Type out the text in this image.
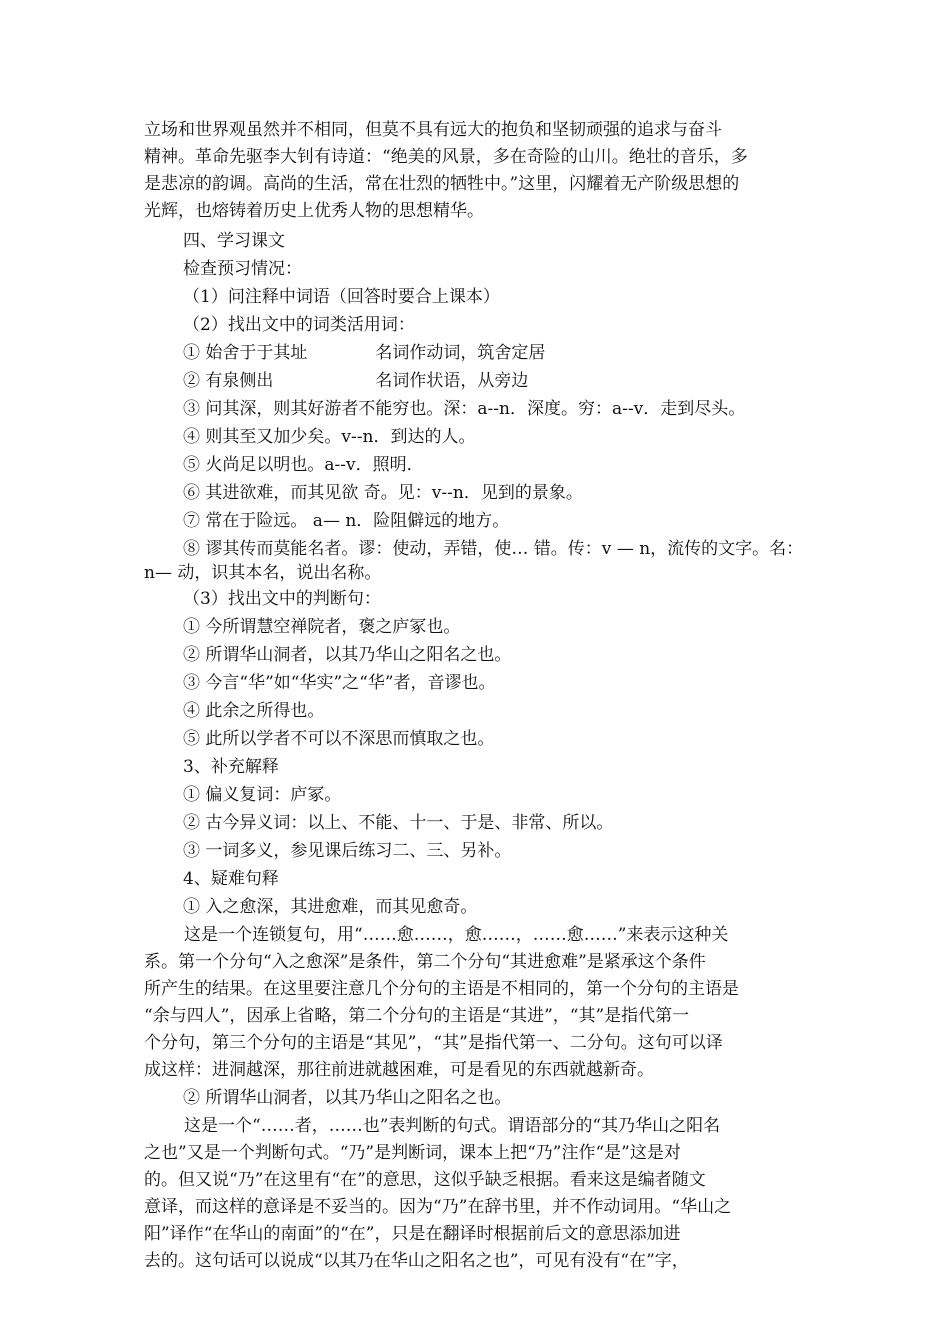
立场和世界观虽然并不相同，但莫不具有远大的抱负和坚韧顽强的追求与奋斗
精神。革命先驱李大钊有诗道：“绝美的风景，多在奇险的山川。绝壮的音乐，多
是悲凉的韵调。高尚的生活，常在壮烈的牺牲中。”这里，闪耀着无产阶级思想的
光辉，也熔铸着历史上优秀人物的思想精华。
四、学习课文
检查预习情况：
（1）问注释中词语（回答时要合上课本）
（2）找出文中的词类活用词：
① 始舍于于其址　　　　名词作动词，筑舍定居
② 有泉侧出　　　　　　名词作状语，从旁边
③ 问其深，则其好游者不能穷也。深：a--n．深度。穷：a--v．走到尽头。
④ 则其至又加少矣。v--n．到达的人。
⑤ 火尚足以明也。a--v．照明．
⑥ 其进欲难，而其见欲 奇。见：v--n．见到的景象。
⑦ 常在于险远。 a— n．险阻僻远的地方。
⑧ 谬其传而莫能名者。谬：使动，弄错，使… 错。传：v — n，流传的文字。名：
n— 动，识其本名，说出名称。
（3）找出文中的判断句：
① 今所谓慧空禅院者，褒之庐冢也。
② 所谓华山洞者，以其乃华山之阳名之也。
③ 今言“华”如“华实”之“华”者，音谬也。
④ 此余之所得也。
⑤ 此所以学者不可以不深思而慎取之也。
3、补充解释
① 偏义复词：庐冢。
② 古今异义词：以上、不能、十一、于是、非常、所以。
③ 一词多义，参见课后练习二、三、另补。
4、疑难句释
① 入之愈深，其进愈难，而其见愈奇。
这是一个连锁复句，用“……愈……，愈……，……愈……”来表示这种关
系。第一个分句“入之愈深”是条件，第二个分句“其进愈难”是紧承这个条件
所产生的结果。在这里要注意几个分句的主语是不相同的，第一个分句的主语是
“余与四人”，因承上省略，第二个分句的主语是“其进”，“其”是指代第一
个分句，第三个分句的主语是“其见”，“其”是指代第一、二分句。这句可以译
成这样：进洞越深，那往前进就越困难，可是看见的东西就越新奇。
② 所谓华山洞者，以其乃华山之阳名之也。
这是一个“……者，……也”表判断的句式。谓语部分的“其乃华山之阳名
之也”又是一个判断句式。“乃”是判断词，课本上把“乃”注作“是”这是对
的。但又说“乃”在这里有“在”的意思，这似乎缺乏根据。看来这是编者随文
意译，而这样的意译是不妥当的。因为“乃”在辞书里，并不作动词用。“华山之
阳”译作“在华山的南面”的“在”，只是在翻译时根据前后文的意思添加进
去的。这句话可以说成“以其乃在华山之阳名之也”，可见有没有“在”字，
